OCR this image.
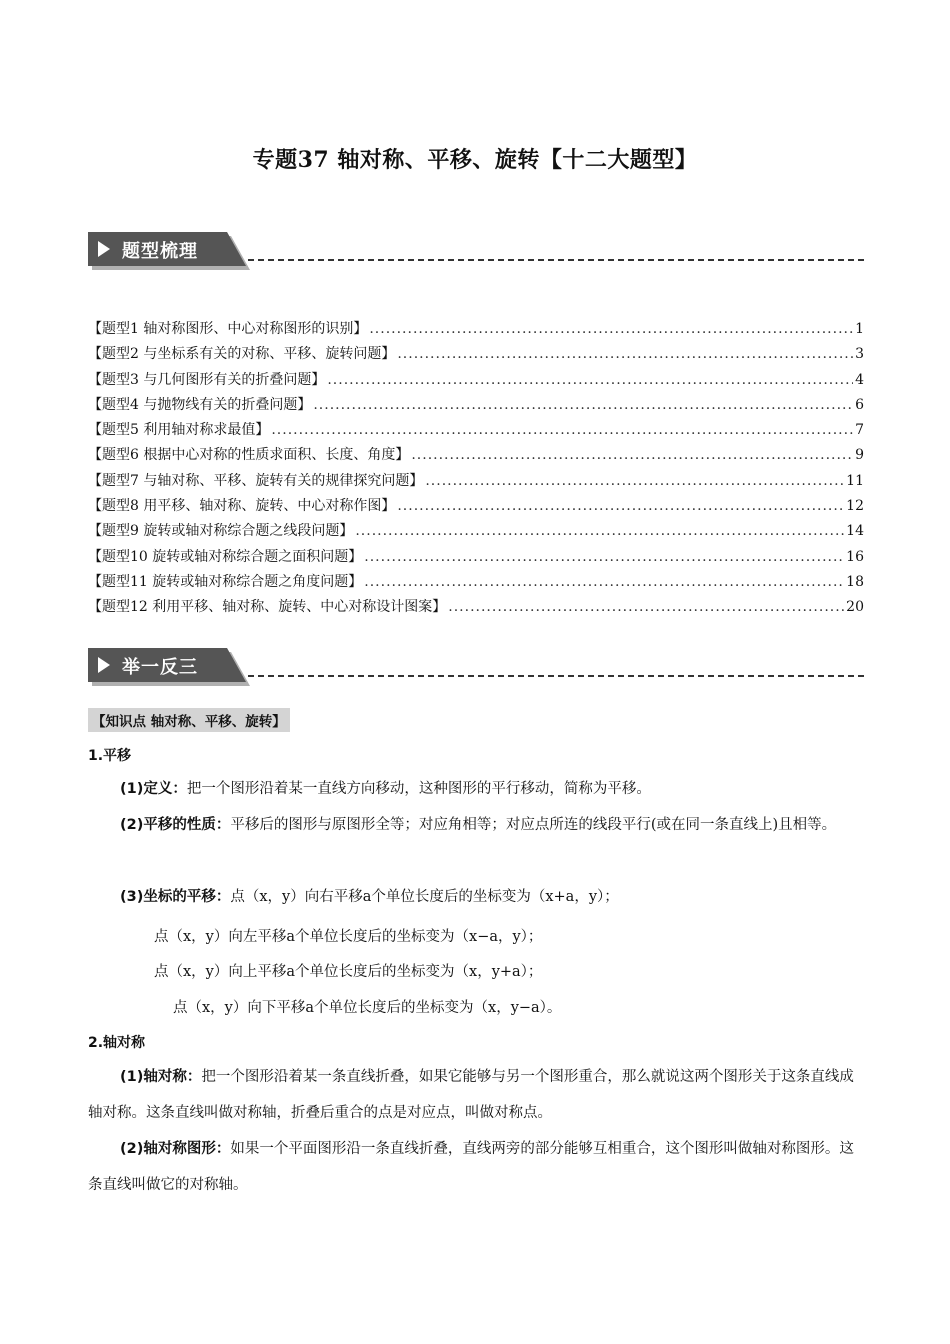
专题37 轴对称、平移、旋转【十二大题型】
题型梳理
【题型1 轴对称图形、中心对称图形的识别】 .....	1
【题型2 与坐标系有关的对称、平移、旋转问题】 .....	3
【题型3 与几何图形有关的折叠问题】 .....	4
【题型4 与抛物线有关的折叠问题】 .....	6
【题型5 利用轴对称求最值】 .....	7
【题型6 根据中心对称的性质求面积、长度、角度】 .....	9
【题型7 与轴对称、平移、旋转有关的规律探究问题】 .....	11
【题型8 用平移、轴对称、旋转、中心对称作图】 .....	12
【题型9 旋转或轴对称综合题之线段问题】 .....	14
【题型10 旋转或轴对称综合题之面积问题】 .....	16
【题型11 旋转或轴对称综合题之角度问题】 .....	18
【题型12 利用平移、轴对称、旋转、中心对称设计图案】 .....	20
举一反三
【知识点 轴对称、平移、旋转】
1.平移
(1)定义：把一个图形沿着某一直线方向移动，这种图形的平行移动，简称为平移。
(2)平移的性质：平移后的图形与原图形全等；对应角相等；对应点所连的线段平行(或在同一条直线上)且相等。
(3)坐标的平移：点（x，y）向右平移a个单位长度后的坐标变为（x+a，y）；
点（x，y）向左平移a个单位长度后的坐标变为（x−a，y）；
点（x，y）向上平移a个单位长度后的坐标变为（x，y+a）；
点（x，y）向下平移a个单位长度后的坐标变为（x，y−a）。
2.轴对称
(1)轴对称：把一个图形沿着某一条直线折叠，如果它能够与另一个图形重合，那么就说这两个图形关于这条直线成轴对称。这条直线叫做对称轴，折叠后重合的点是对应点，叫做对称点。
(2)轴对称图形：如果一个平面图形沿一条直线折叠，直线两旁的部分能够互相重合，这个图形叫做轴对称图形。这条直线叫做它的对称轴。
